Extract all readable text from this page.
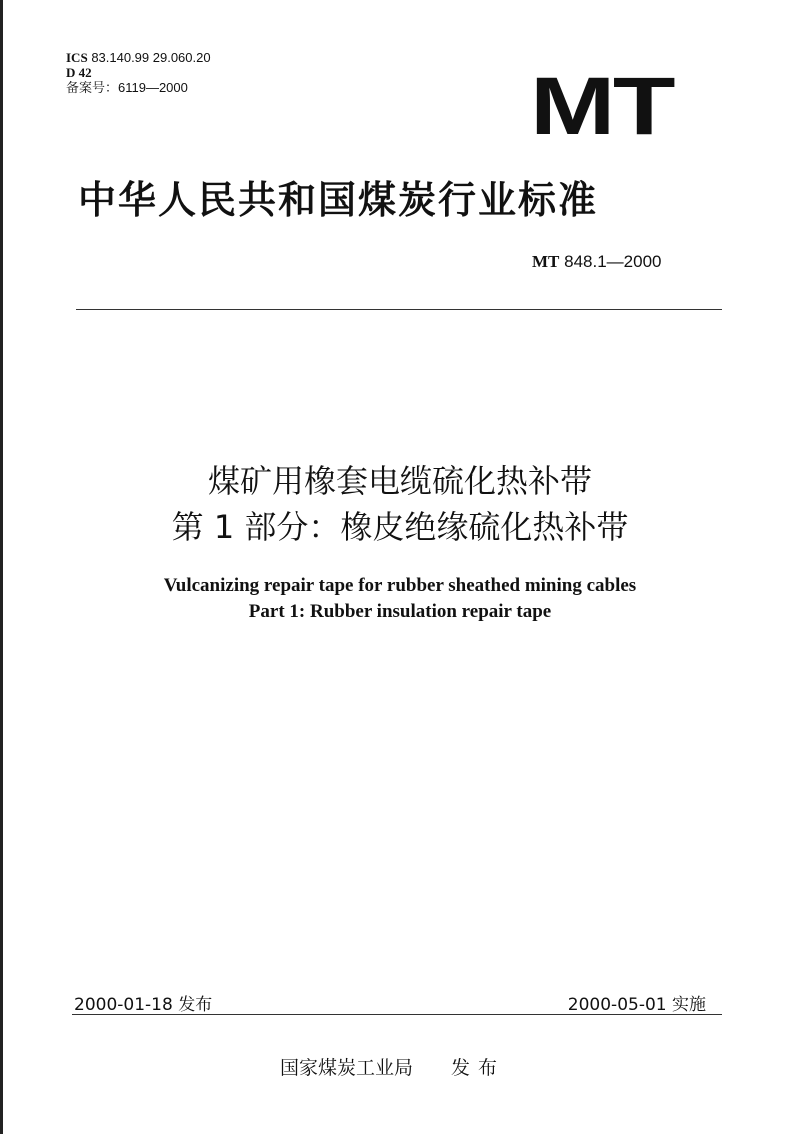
ICS 83.140.99 29.060.20
D 42
备案号：6119—2000	MT
中华人民共和国煤炭行业标准
MT 848.1—2000
煤矿用橡套电缆硫化热补带
第 1 部分：橡皮绝缘硫化热补带
Vulcanizing repair tape for rubber sheathed mining cables
Part 1: Rubber insulation repair tape
2000-01-18 发布	2000-05-01 实施
国家煤炭工业局 发布
